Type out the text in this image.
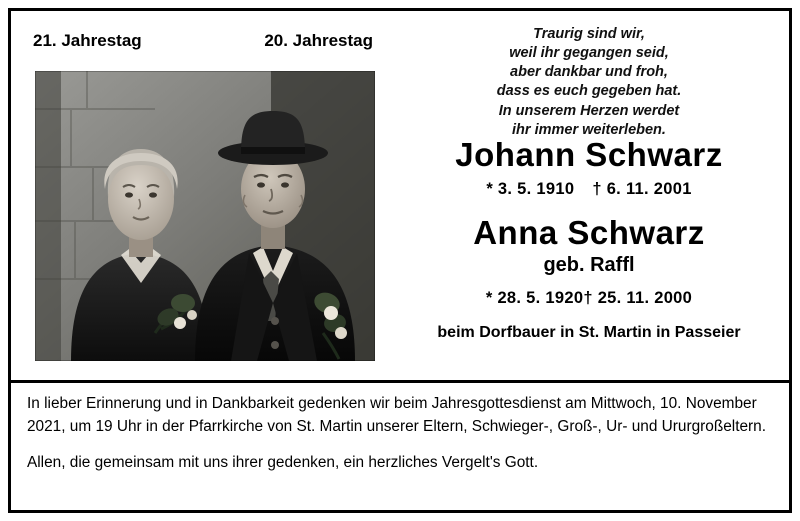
21. Jahrestag	20. Jahrestag	Traurig sind wir,
weil ihr gegangen seid,
aber dankbar und froh,
dass es euch gegeben hat.
In unserem Herzen werdet
ihr immer weiterleben.
Johann Schwarz
* 3. 5. 1910 † 6. 11. 2001
Anna Schwarz
geb. Raffl
* 28. 5. 1920† 25. 11. 2000
beim Dorfbauer in St. Martin in Passeier
In lieber Erinnerung und in Dankbarkeit gedenken wir beim Jahresgottesdienst am Mittwoch, 10. November 2021, um 19 Uhr in der Pfarrkirche von St. Martin unserer Eltern, Schwieger-, Groß-, Ur- und Ururgroßeltern.
Allen, die gemeinsam mit uns ihrer gedenken, ein herzliches Vergelt's Gott.
